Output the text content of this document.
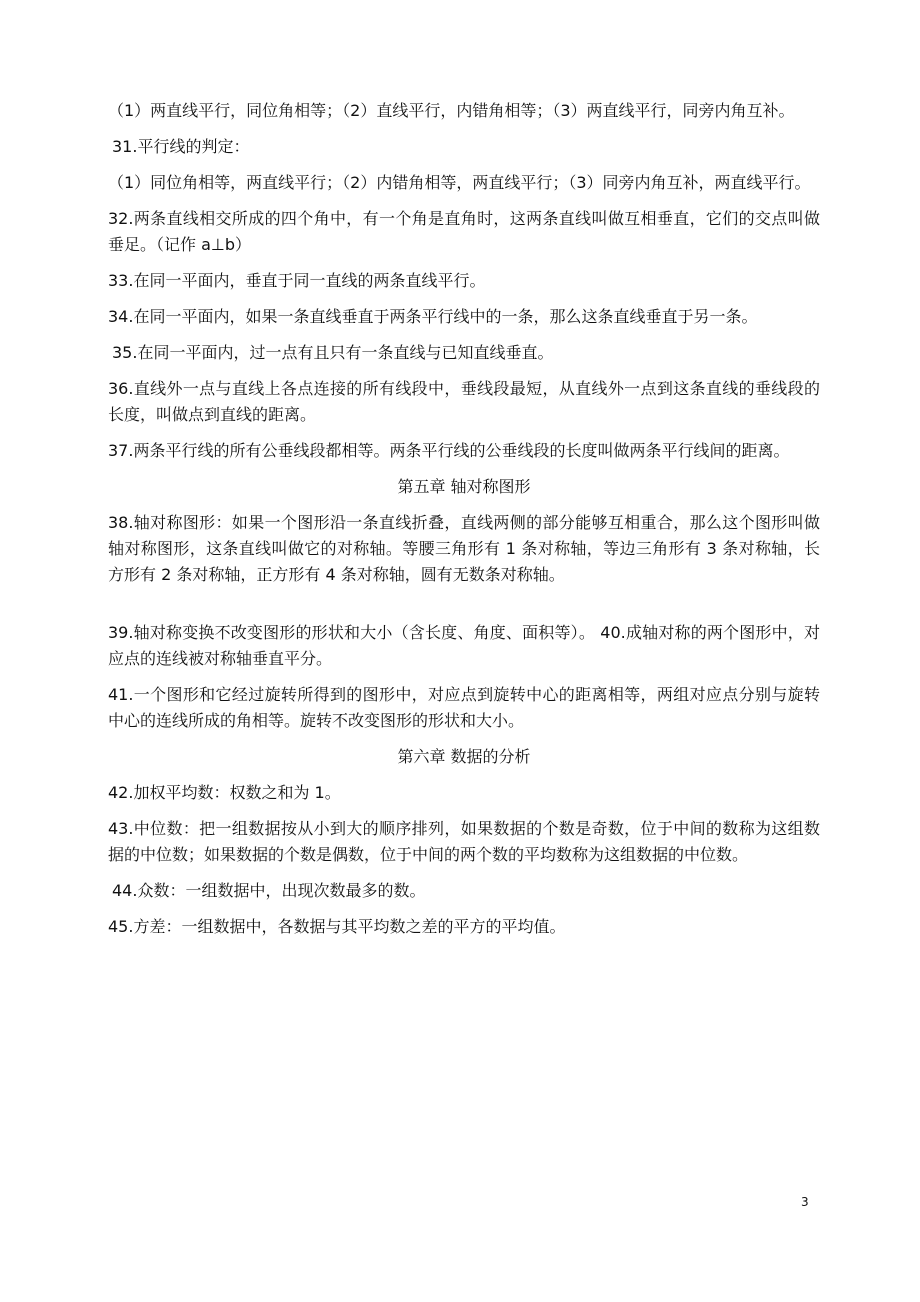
（1）两直线平行，同位角相等；（2）直线平行，内错角相等；（3）两直线平行，同旁内角互补。

31.平行线的判定：

（1）同位角相等，两直线平行；（2）内错角相等，两直线平行；（3）同旁内角互补，两直线平行。

32.两条直线相交所成的四个角中，有一个角是直角时，这两条直线叫做互相垂直，它们的交点叫做垂足。（记作 a⊥b）

33.在同一平面内，垂直于同一直线的两条直线平行。

34.在同一平面内，如果一条直线垂直于两条平行线中的一条，那么这条直线垂直于另一条。

35.在同一平面内，过一点有且只有一条直线与已知直线垂直。

36.直线外一点与直线上各点连接的所有线段中，垂线段最短，从直线外一点到这条直线的垂线段的长度，叫做点到直线的距离。

37.两条平行线的所有公垂线段都相等。两条平行线的公垂线段的长度叫做两条平行线间的距离。

第五章 轴对称图形

38.轴对称图形：如果一个图形沿一条直线折叠，直线两侧的部分能够互相重合，那么这个图形叫做轴对称图形，这条直线叫做它的对称轴。等腰三角形有 1 条对称轴，等边三角形有 3 条对称轴，长方形有 2 条对称轴，正方形有 4 条对称轴，圆有无数条对称轴。

39.轴对称变换不改变图形的形状和大小（含长度、角度、面积等）。 40.成轴对称的两个图形中，对应点的连线被对称轴垂直平分。

41.一个图形和它经过旋转所得到的图形中，对应点到旋转中心的距离相等，两组对应点分别与旋转中心的连线所成的角相等。旋转不改变图形的形状和大小。

第六章 数据的分析

42.加权平均数：权数之和为 1。

43.中位数：把一组数据按从小到大的顺序排列，如果数据的个数是奇数，位于中间的数称为这组数据的中位数；如果数据的个数是偶数，位于中间的两个数的平均数称为这组数据的中位数。

44.众数：一组数据中，出现次数最多的数。

45.方差：一组数据中，各数据与其平均数之差的平方的平均值。

3
